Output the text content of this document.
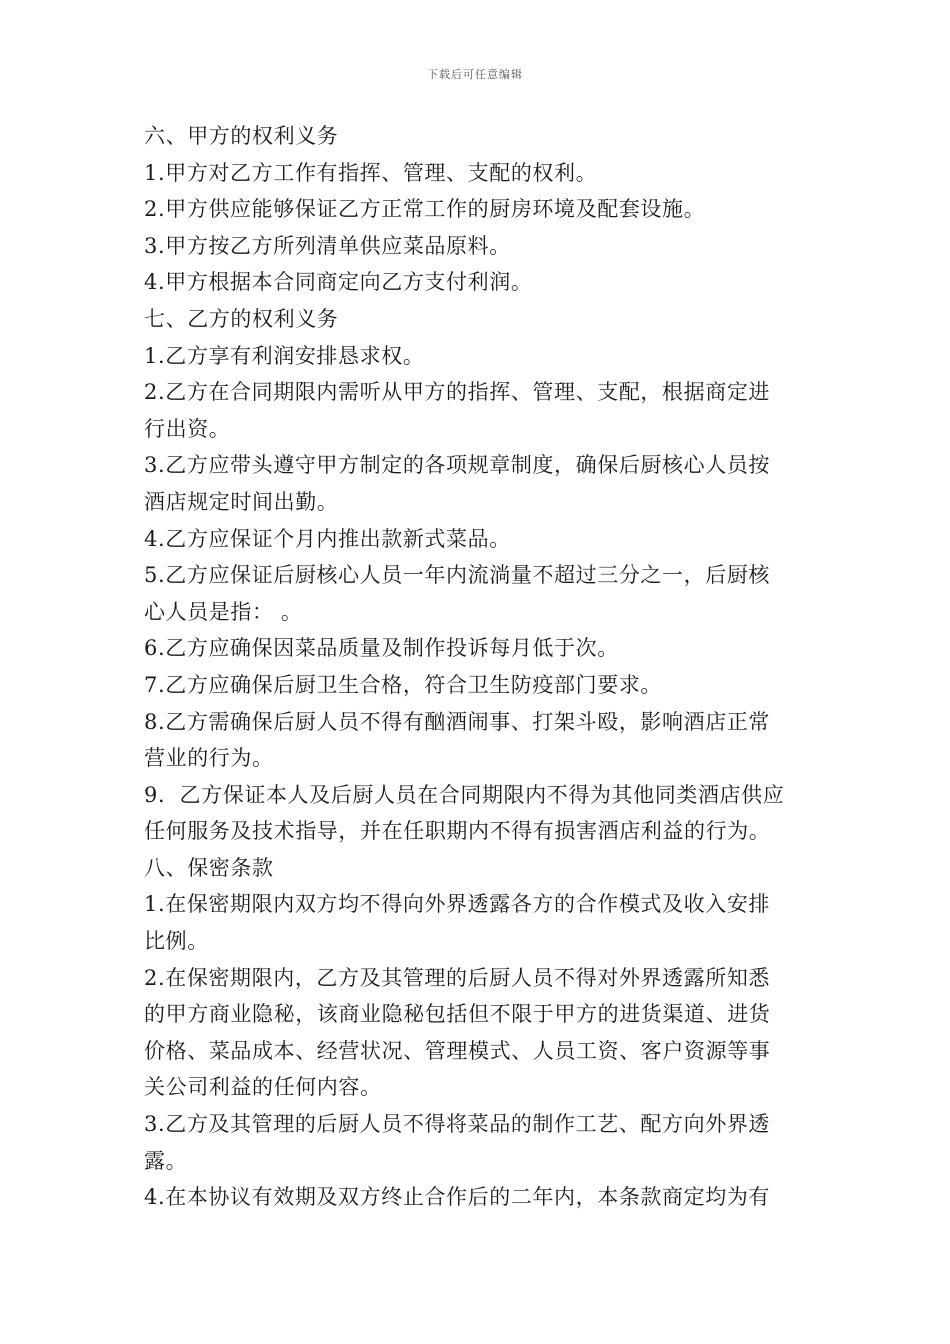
下载后可任意编辑

六、甲方的权利义务

1.甲方对乙方工作有指挥、管理、支配的权利。

2.甲方供应能够保证乙方正常工作的厨房环境及配套设施。

3.甲方按乙方所列清单供应菜品原料。

4.甲方根据本合同商定向乙方支付利润。

七、乙方的权利义务

1.乙方享有利润安排恳求权。

2.乙方在合同期限内需听从甲方的指挥、管理、支配，根据商定进

行出资。

3.乙方应带头遵守甲方制定的各项规章制度，确保后厨核心人员按

酒店规定时间出勤。

4.乙方应保证个月内推出款新式菜品。

5.乙方应保证后厨核心人员一年内流淌量不超过三分之一，后厨核

心人员是指： 。

6.乙方应确保因菜品质量及制作投诉每月低于次。

7.乙方应确保后厨卫生合格，符合卫生防疫部门要求。

8.乙方需确保后厨人员不得有酗酒闹事、打架斗殴，影响酒店正常

营业的行为。

9．乙方保证本人及后厨人员在合同期限内不得为其他同类酒店供应

任何服务及技术指导，并在任职期内不得有损害酒店利益的行为。

八、保密条款

1.在保密期限内双方均不得向外界透露各方的合作模式及收入安排

比例。

2.在保密期限内，乙方及其管理的后厨人员不得对外界透露所知悉

的甲方商业隐秘，该商业隐秘包括但不限于甲方的进货渠道、进货

价格、菜品成本、经营状况、管理模式、人员工资、客户资源等事

关公司利益的任何内容。

3.乙方及其管理的后厨人员不得将菜品的制作工艺、配方向外界透

露。

4.在本协议有效期及双方终止合作后的二年内，本条款商定均为有
